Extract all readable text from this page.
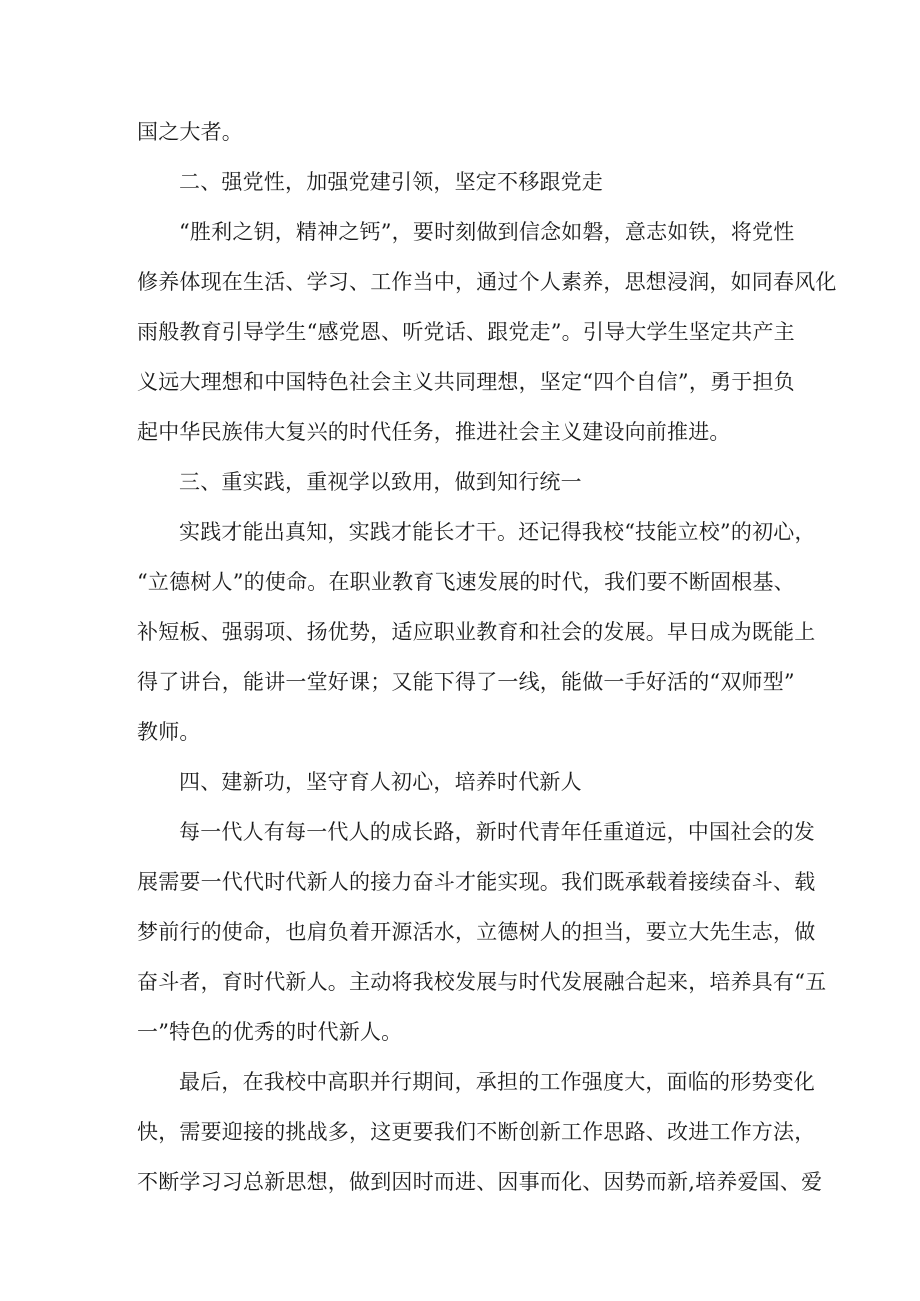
国之大者。
二、强党性，加强党建引领，坚定不移跟党走
“胜利之钥，精神之钙”，要时刻做到信念如磐，意志如铁，将党性
修养体现在生活、学习、工作当中，通过个人素养，思想浸润，如同春风化
雨般教育引导学生“感党恩、听党话、跟党走”。引导大学生坚定共产主
义远大理想和中国特色社会主义共同理想，坚定“四个自信”，勇于担负
起中华民族伟大复兴的时代任务，推进社会主义建设向前推进。
三、重实践，重视学以致用，做到知行统一
实践才能出真知，实践才能长才干。还记得我校“技能立校”的初心，
“立德树人”的使命。在职业教育飞速发展的时代，我们要不断固根基、
补短板、强弱项、扬优势，适应职业教育和社会的发展。早日成为既能上
得了讲台，能讲一堂好课；又能下得了一线，能做一手好活的“双师型”
教师。
四、建新功，坚守育人初心，培养时代新人
每一代人有每一代人的成长路，新时代青年任重道远，中国社会的发
展需要一代代时代新人的接力奋斗才能实现。我们既承载着接续奋斗、载
梦前行的使命，也肩负着开源活水，立德树人的担当，要立大先生志，做
奋斗者，育时代新人。主动将我校发展与时代发展融合起来，培养具有“五
一”特色的优秀的时代新人。
最后，在我校中高职并行期间，承担的工作强度大，面临的形势变化
快，需要迎接的挑战多，这更要我们不断创新工作思路、改进工作方法，
不断学习习总新思想，做到因时而进、因事而化、因势而新,培养爱国、爱
